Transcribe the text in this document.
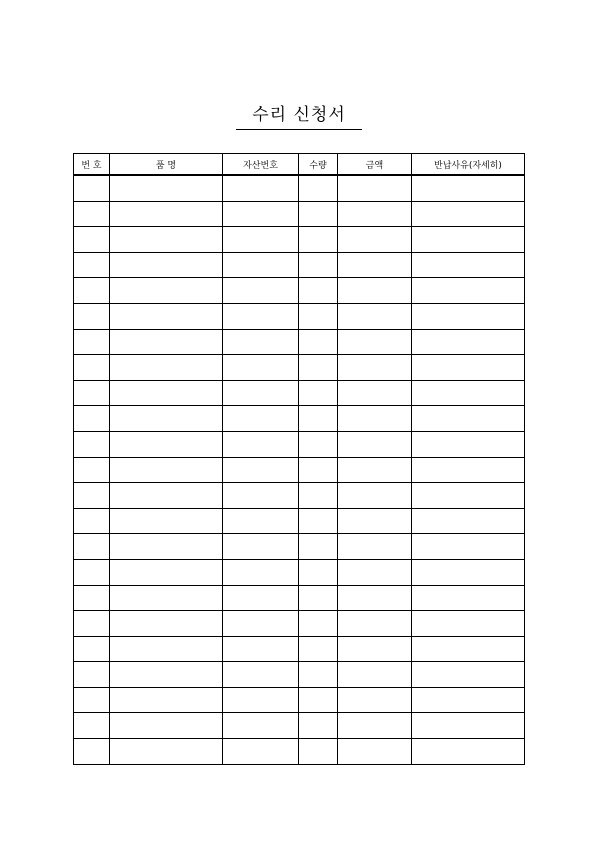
수리 신청서
번 호	품 명	자산번호	수량	금액	반납사유(자세히)
